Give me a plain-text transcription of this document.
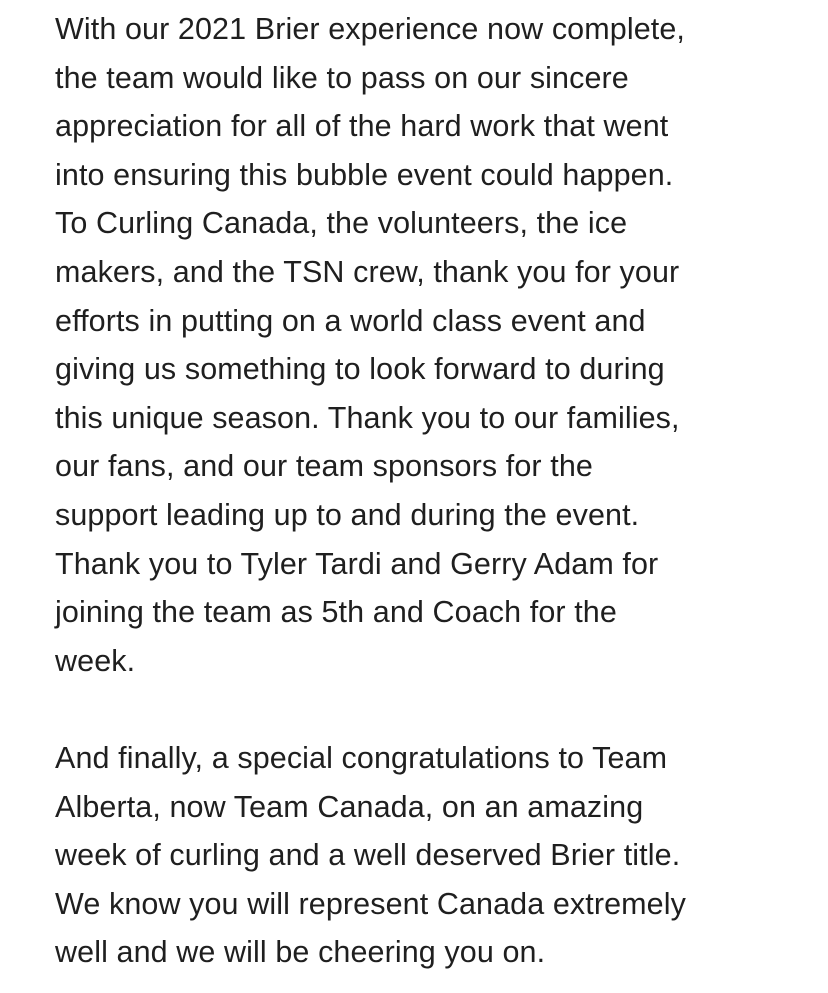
With our 2021 Brier experience now complete,
the team would like to pass on our sincere
appreciation for all of the hard work that went
into ensuring this bubble event could happen.
To Curling Canada, the volunteers, the ice
makers, and the TSN crew, thank you for your
efforts in putting on a world class event and
giving us something to look forward to during
this unique season. Thank you to our families,
our fans, and our team sponsors for the
support leading up to and during the event.
Thank you to Tyler Tardi and Gerry Adam for
joining the team as 5th and Coach for the
week.
And finally, a special congratulations to Team
Alberta, now Team Canada, on an amazing
week of curling and a well deserved Brier title.
We know you will represent Canada extremely
well and we will be cheering you on.
